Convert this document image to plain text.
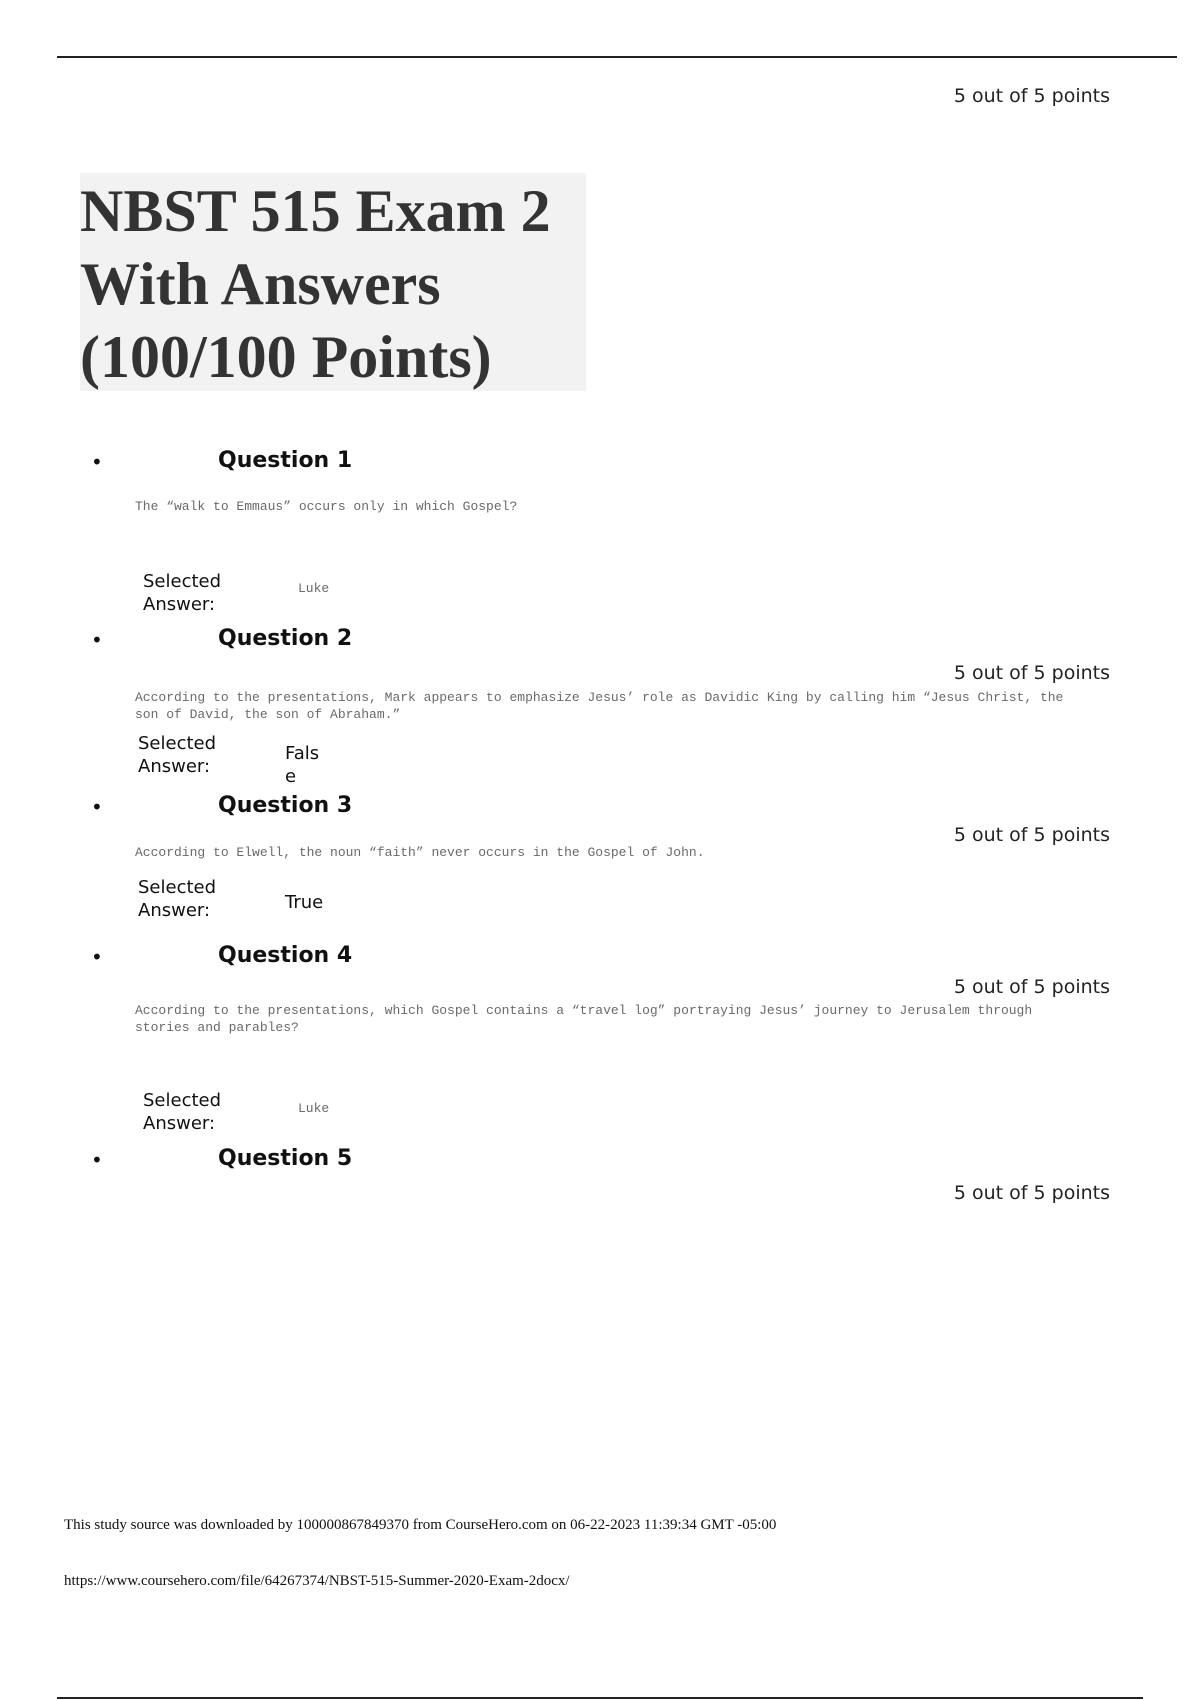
5 out of 5 points
NBST 515 Exam 2
With Answers
(100/100 Points)
•	Question 1
The “walk to Emmaus” occurs only in which Gospel?
Selected Answer:
Luke
•	Question 2
5 out of 5 points
According to the presentations, Mark appears to emphasize Jesus’ role as Davidic King by calling him “Jesus Christ, the son of David, the son of Abraham.”
Selected Answer:
False
•	Question 3
5 out of 5 points
According to Elwell, the noun “faith” never occurs in the Gospel of John.
Selected Answer:	True
•	Question 4
5 out of 5 points
According to the presentations, which Gospel contains a “travel log” portraying Jesus’ journey to Jerusalem through stories and parables?
Selected Answer:
Luke
•	Question 5
5 out of 5 points
This study source was downloaded by 100000867849370 from CourseHero.com on 06-22-2023 11:39:34 GMT -05:00
https://www.coursehero.com/file/64267374/NBST-515-Summer-2020-Exam-2docx/
